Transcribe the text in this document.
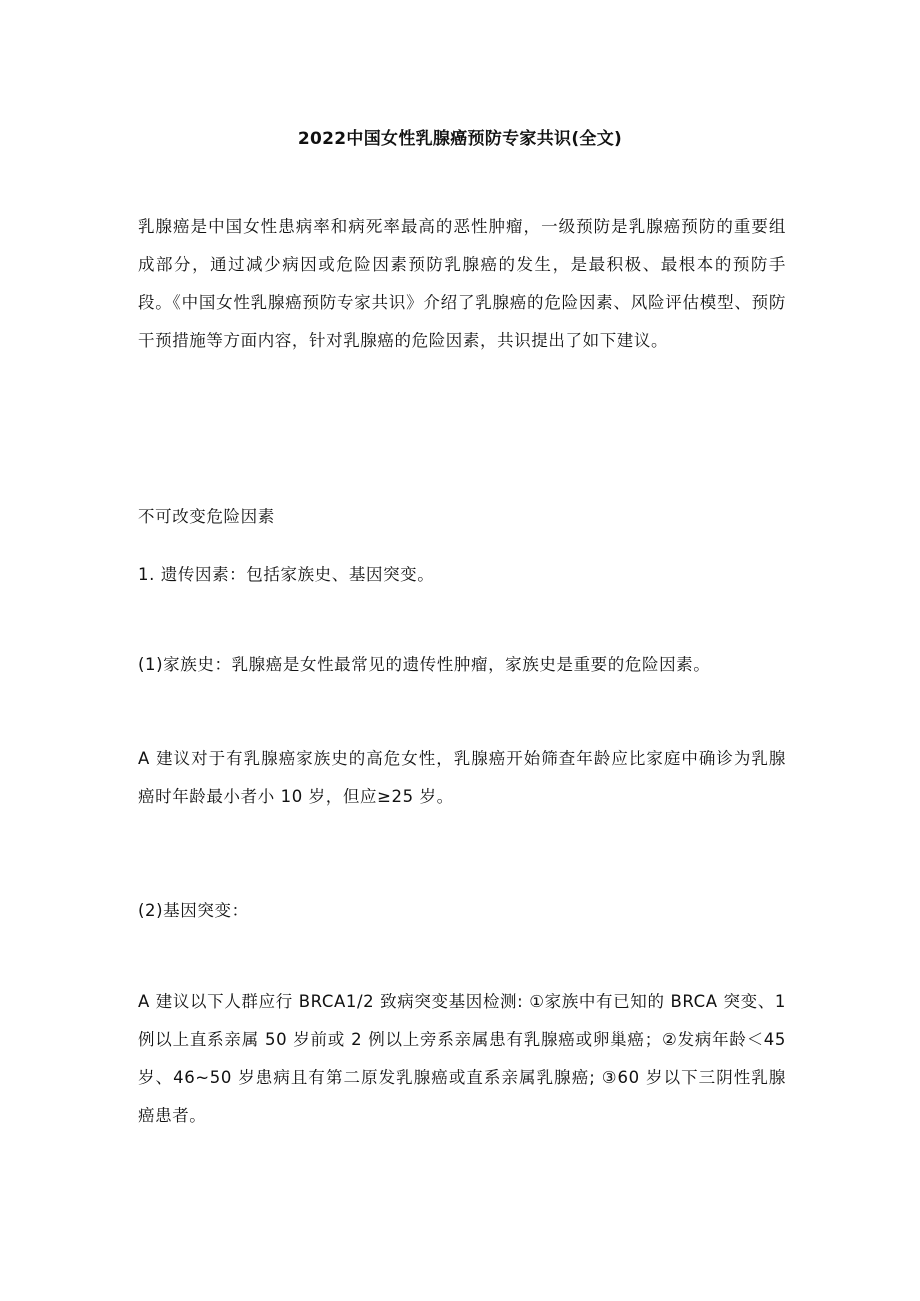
2022中国女性乳腺癌预防专家共识(全文)
乳腺癌是中国女性患病率和病死率最高的恶性肿瘤，一级预防是乳腺癌预防的重要组成部分，通过减少病因或危险因素预防乳腺癌的发生，是最积极、最根本的预防手段。《中国女性乳腺癌预防专家共识》介绍了乳腺癌的危险因素、风险评估模型、预防干预措施等方面内容，针对乳腺癌的危险因素，共识提出了如下建议。
不可改变危险因素
1. 遗传因素：包括家族史、基因突变。
(1)家族史：乳腺癌是女性最常见的遗传性肿瘤，家族史是重要的危险因素。
A 建议对于有乳腺癌家族史的高危女性，乳腺癌开始筛查年龄应比家庭中确诊为乳腺癌时年龄最小者小 10 岁，但应≥25 岁。
(2)基因突变：
A 建议以下人群应行 BRCA1/2 致病突变基因检测: ①家族中有已知的 BRCA 突变、1 例以上直系亲属 50 岁前或 2 例以上旁系亲属患有乳腺癌或卵巢癌；②发病年龄＜45 岁、46~50 岁患病且有第二原发乳腺癌或直系亲属乳腺癌; ③60 岁以下三阴性乳腺癌患者。
